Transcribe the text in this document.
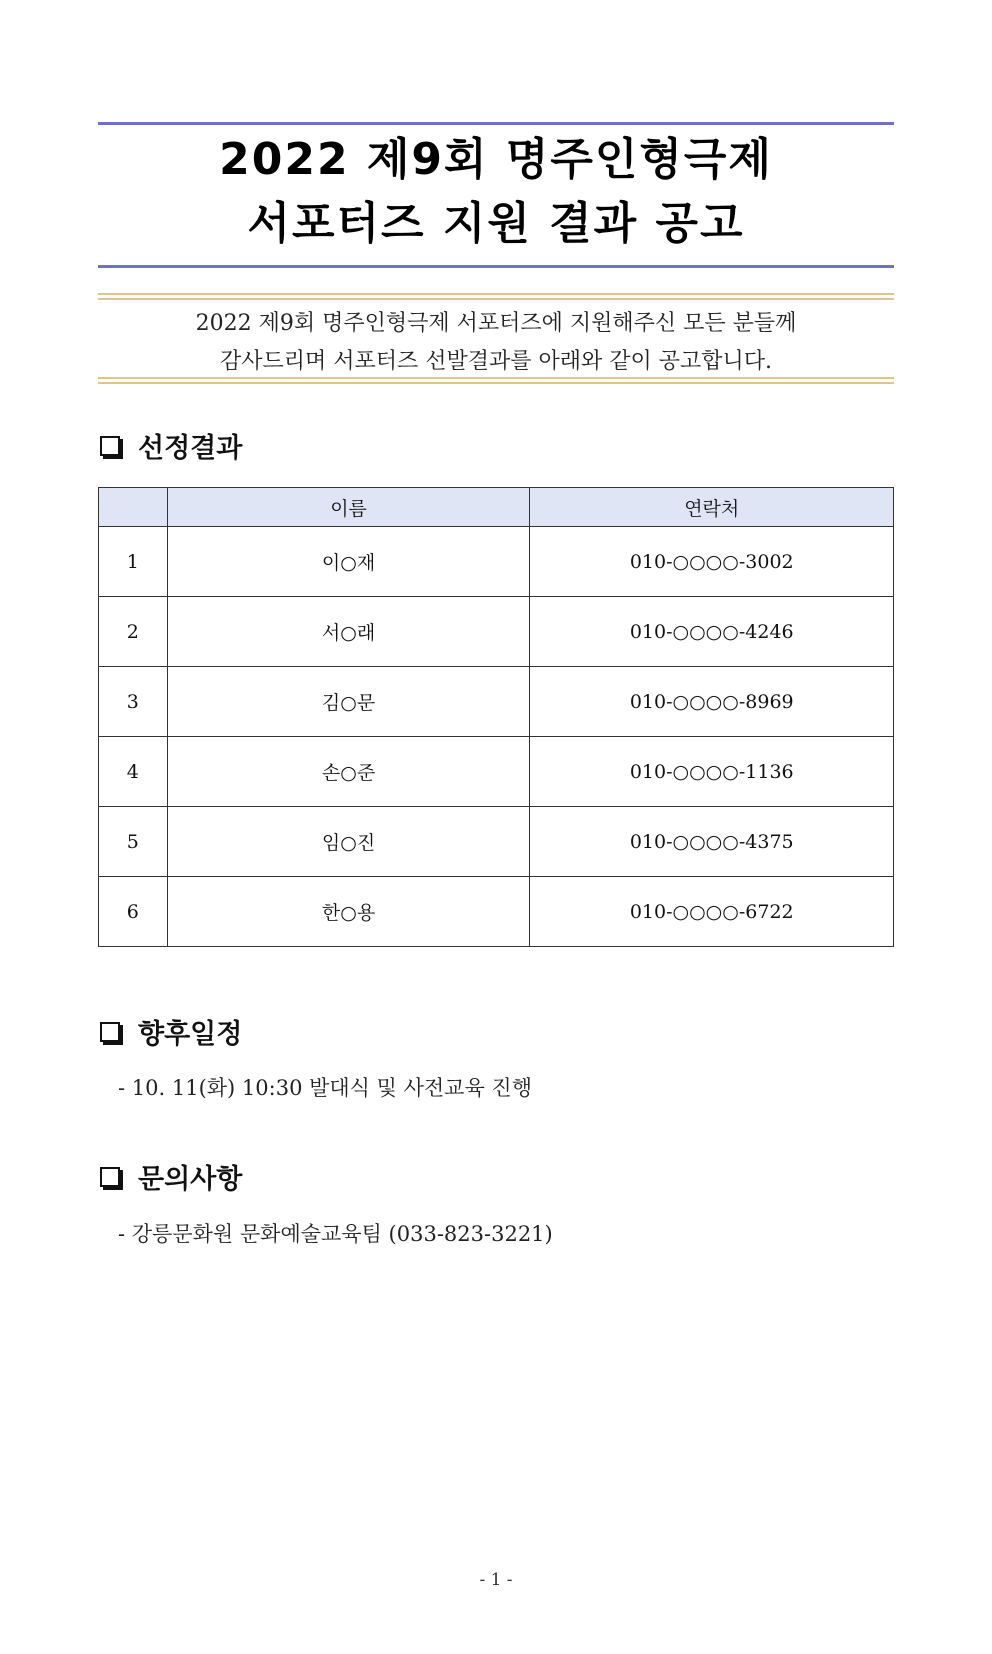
2022 제9회 명주인형극제
서포터즈 지원 결과 공고
2022 제9회 명주인형극제 서포터즈에 지원해주신 모든 분들께
감사드리며 서포터즈 선발결과를 아래와 같이 공고합니다.
선정결과
	이름	연락처
1	이○재	010-○○○○-3002
2	서○래	010-○○○○-4246
3	김○문	010-○○○○-8969
4	손○준	010-○○○○-1136
5	임○진	010-○○○○-4375
6	한○용	010-○○○○-6722
향후일정
- 10. 11(화) 10:30 발대식 및 사전교육 진행
문의사항
- 강릉문화원 문화예술교육팀 (033-823-3221)
- 1 -
